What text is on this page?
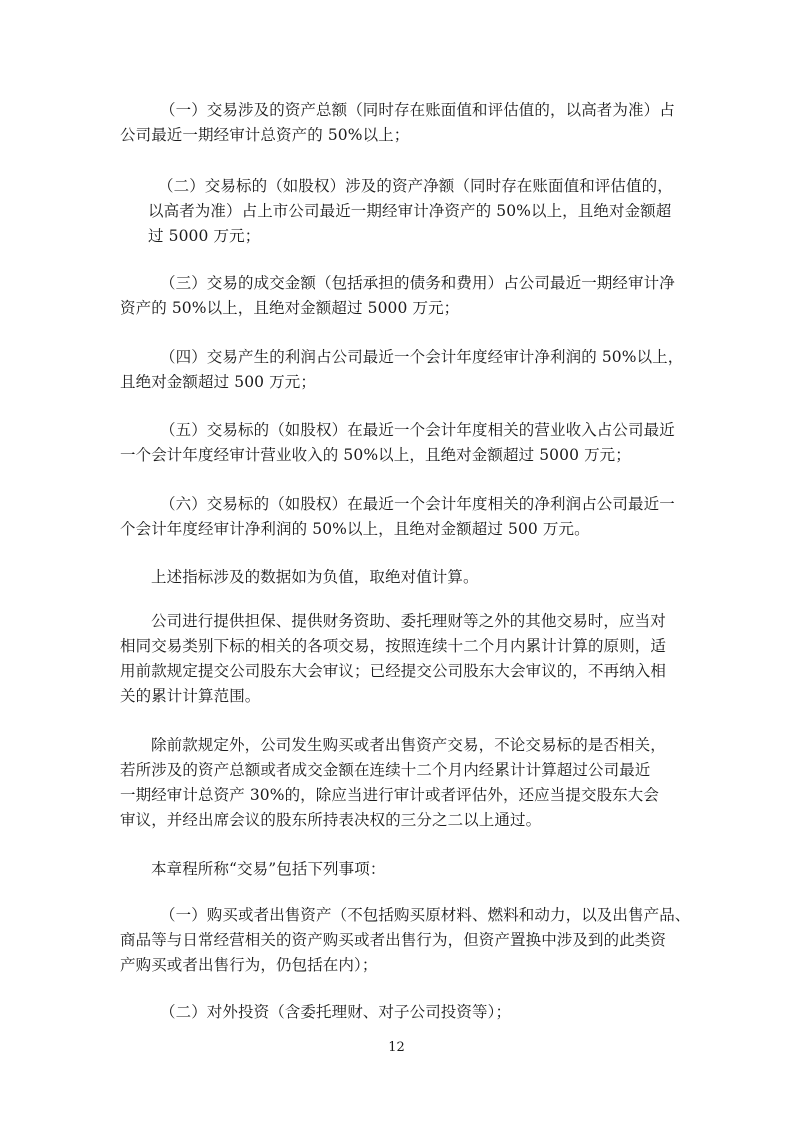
（一）交易涉及的资产总额（同时存在账面值和评估值的，以高者为准）占
公司最近一期经审计总资产的 50%以上；
（二）交易标的（如股权）涉及的资产净额（同时存在账面值和评估值的，
以高者为准）占上市公司最近一期经审计净资产的 50%以上，且绝对金额超
过 5000 万元；
（三）交易的成交金额（包括承担的债务和费用）占公司最近一期经审计净
资产的 50%以上，且绝对金额超过 5000 万元；
（四）交易产生的利润占公司最近一个会计年度经审计净利润的 50%以上，
且绝对金额超过 500 万元；
（五）交易标的（如股权）在最近一个会计年度相关的营业收入占公司最近
一个会计年度经审计营业收入的 50%以上，且绝对金额超过 5000 万元；
（六）交易标的（如股权）在最近一个会计年度相关的净利润占公司最近一
个会计年度经审计净利润的 50%以上，且绝对金额超过 500 万元。
上述指标涉及的数据如为负值，取绝对值计算。
公司进行提供担保、提供财务资助、委托理财等之外的其他交易时，应当对
相同交易类别下标的相关的各项交易，按照连续十二个月内累计计算的原则，适
用前款规定提交公司股东大会审议；已经提交公司股东大会审议的，不再纳入相
关的累计计算范围。
除前款规定外，公司发生购买或者出售资产交易，不论交易标的是否相关，
若所涉及的资产总额或者成交金额在连续十二个月内经累计计算超过公司最近
一期经审计总资产 30%的，除应当进行审计或者评估外，还应当提交股东大会
审议，并经出席会议的股东所持表决权的三分之二以上通过。
本章程所称“交易”包括下列事项：
（一）购买或者出售资产（不包括购买原材料、燃料和动力，以及出售产品、
商品等与日常经营相关的资产购买或者出售行为，但资产置换中涉及到的此类资
产购买或者出售行为，仍包括在内）；
（二）对外投资（含委托理财、对子公司投资等）；
12
